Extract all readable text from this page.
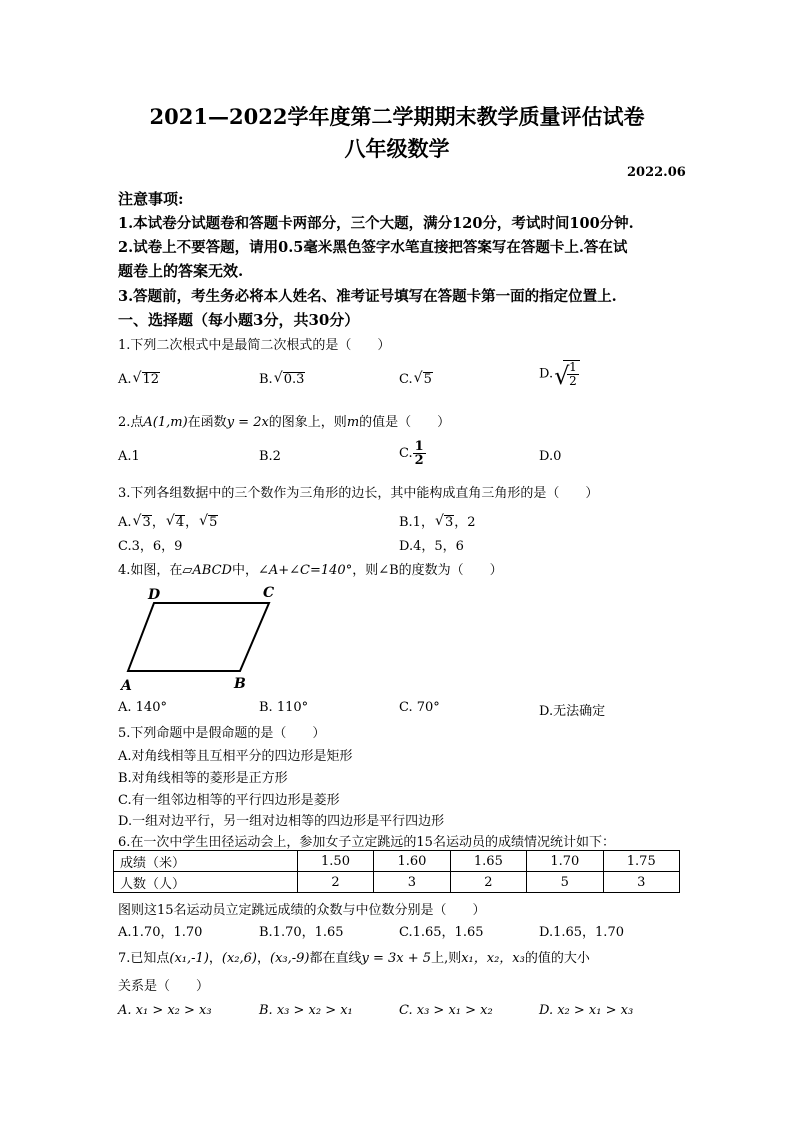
2021—2022学年度第二学期期末教学质量评估试卷
八年级数学
2022.06
注意事项:
1.本试卷分试题卷和答题卡两部分，三个大题，满分120分，考试时间100分钟.
2.试卷上不要答题，请用0.5毫米黑色签字水笔直接把答案写在答题卡上.答在试
题卷上的答案无效.
3.答题前，考生务必将本人姓名、准考证号填写在答题卡第一面的指定位置上.
一、选择题（每小题3分，共30分）
1.下列二次根式中是最简二次根式的是（　　）
A. √ 12	B. √ 0.3	C. √ 5	D. √
$\frac{1}{2}$
2.点A(1,m)在函数y = 2x的图象上，则m的值是（　　）
A.1	B.2	C. $\frac{1}{2}$	D.0
3.下列各组数据中的三个数作为三角形的边长，其中能构成直角三角形的是（　　）
A. √ 3， √ 4， √ 5	B.1， √ 3，2
C.3，6，9	D.4，5，6
4.如图，在▱ABCD中，∠A+∠C=140°，则∠B的度数为（　　）
D	C
A	B
A. 140°	B. 110°	C. 70°	D.无法确定
5.下列命题中是假命题的是（　　）
A.对角线相等且互相平分的四边形是矩形
B.对角线相等的菱形是正方形
C.有一组邻边相等的平行四边形是菱形
D.一组对边平行，另一组对边相等的四边形是平行四边形
6.在一次中学生田径运动会上，参加女子立定跳远的15名运动员的成绩情况统计如下：
成绩（米）	1.50	1.60	1.65	1.70	1.75
人数（人）	2	3	2	5	3
图则这15名运动员立定跳远成绩的众数与中位数分别是（　　）
A.1.70，1.70	B.1.70，1.65	C.1.65，1.65	D.1.65，1.70
7.已知点(x₁,-1)，(x₂,6)，(x₃,-9)都在直线y = 3x + 5上,则x₁，x₂，x₃的值的大小
关系是（　　）
A. x₁ > x₂ > x₃	B. x₃ > x₂ > x₁	C. x₃ > x₁ > x₂	D. x₂ > x₁ > x₃
